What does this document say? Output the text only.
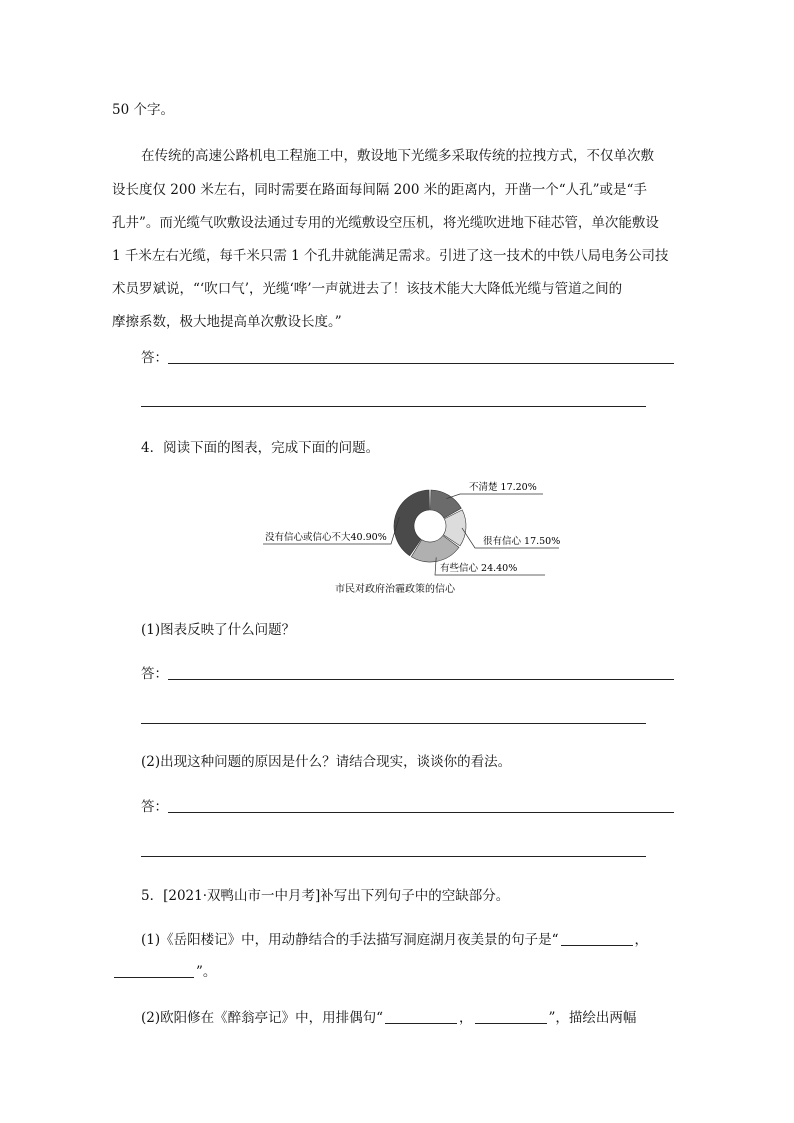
50 个字。
在传统的高速公路机电工程施工中，敷设地下光缆多采取传统的拉拽方式，不仅单次敷
设长度仅 200 米左右，同时需要在路面每间隔 200 米的距离内，开凿一个“人孔”或是“手
孔井”。而光缆气吹敷设法通过专用的光缆敷设空压机，将光缆吹进地下硅芯管，单次能敷设
1 千米左右光缆，每千米只需 1 个孔井就能满足需求。引进了这一技术的中铁八局电务公司技
术员罗斌说，“‘吹口气’，光缆‘哗’一声就进去了！该技术能大大降低光缆与管道之间的
摩擦系数，极大地提高单次敷设长度。”
答：
4．阅读下面的图表，完成下面的问题。
不清楚 17.20%
很有信心 17.50%
有些信心 24.40%
没有信心或信心不大40.90%
市民对政府治霾政策的信心
(1)图表反映了什么问题？
答：
(2)出现这种问题的原因是什么？请结合现实，谈谈你的看法。
答：
5．[2021·双鸭山市一中月考]补写出下列句子中的空缺部分。
(1)《岳阳楼记》中，用动静结合的手法描写洞庭湖月夜美景的句子是“	，
”。
(2)欧阳修在《醉翁亭记》中，用排偶句“	，	”，描绘出两幅
